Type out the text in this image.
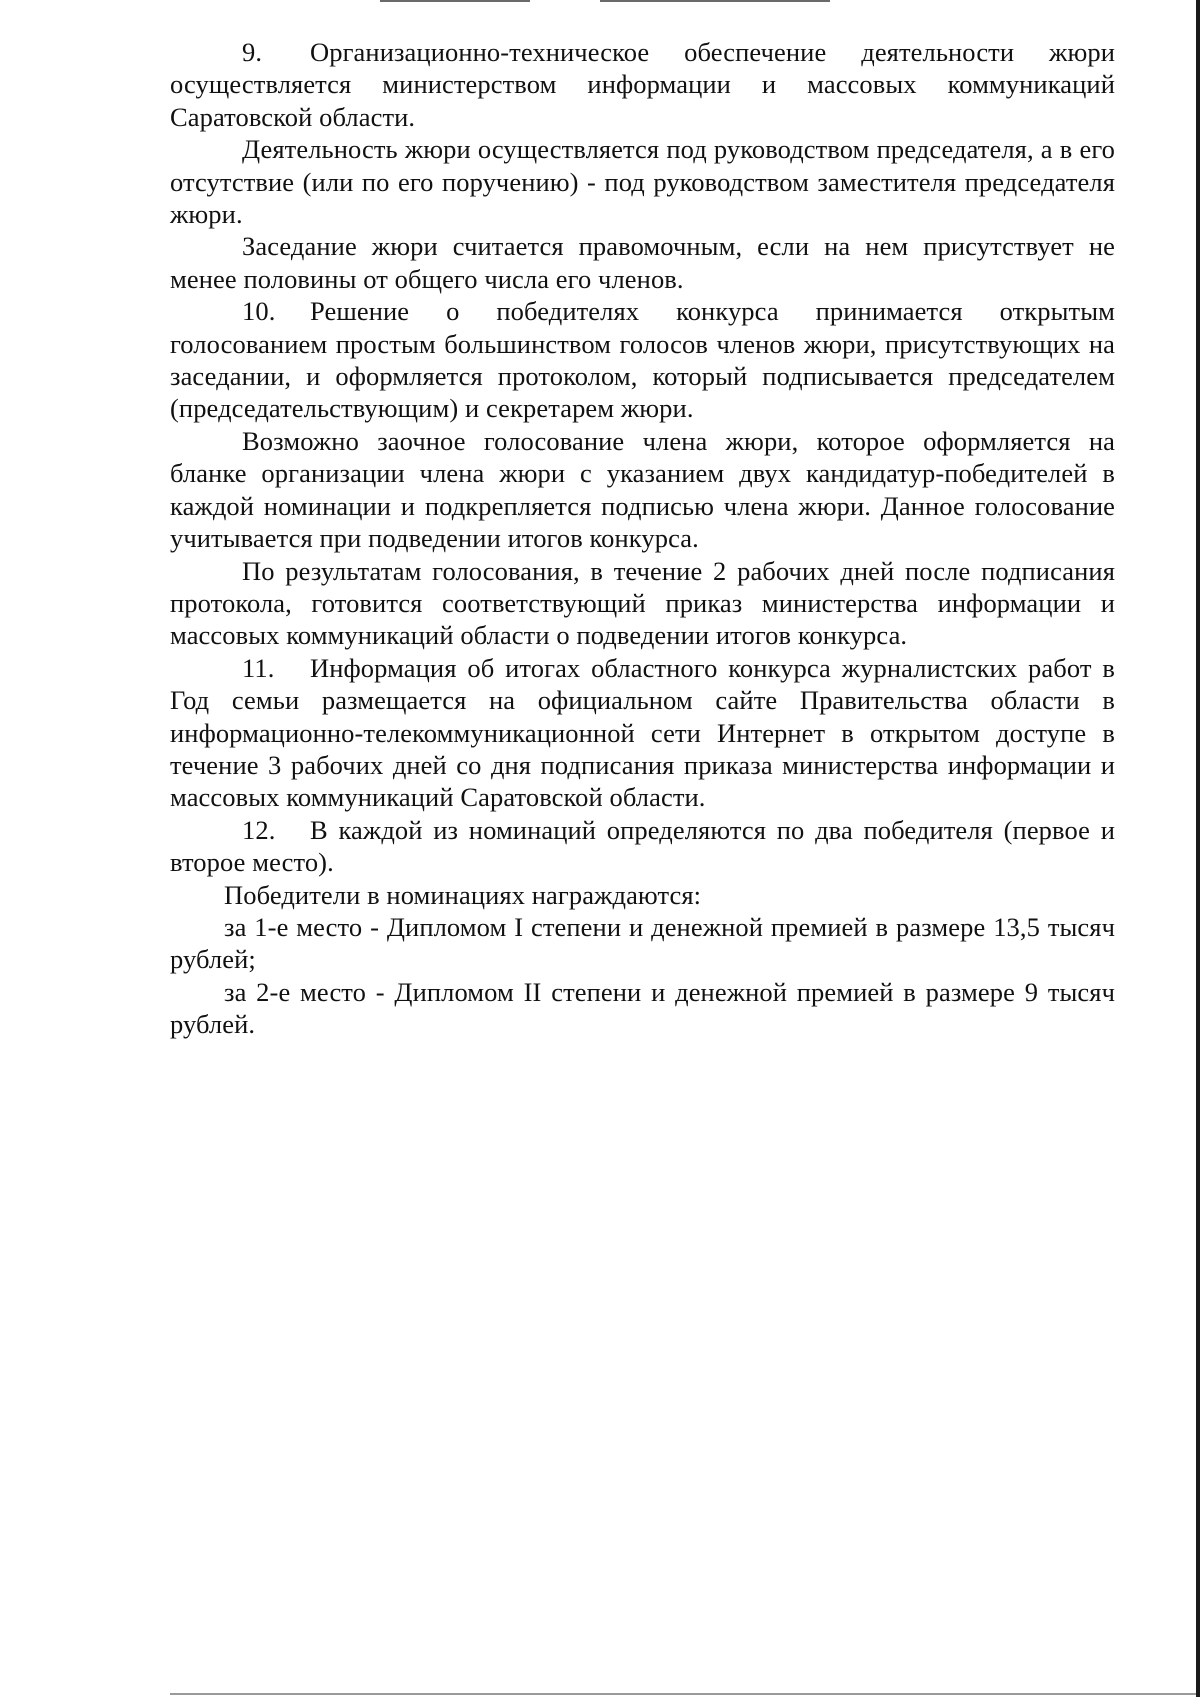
9. Организационно-техническое обеспечение деятельности жюри осуществляется министерством информации и массовых коммуникаций Саратовской области.

Деятельность жюри осуществляется под руководством председателя, а в его отсутствие (или по его поручению) - под руководством заместителя председателя жюри.

Заседание жюри считается правомочным, если на нем присутствует не менее половины от общего числа его членов.

10. Решение о победителях конкурса принимается открытым голосованием простым большинством голосов членов жюри, присутствующих на заседании, и оформляется протоколом, который подписывается председателем (председательствующим) и секретарем жюри.

Возможно заочное голосование члена жюри, которое оформляется на бланке организации члена жюри с указанием двух кандидатур-победителей в каждой номинации и подкрепляется подписью члена жюри. Данное голосование учитывается при подведении итогов конкурса.

По результатам голосования, в течение 2 рабочих дней после подписания протокола, готовится соответствующий приказ министерства информации и массовых коммуникаций области о подведении итогов конкурса.

11. Информация об итогах областного конкурса журналистских работ в Год семьи размещается на официальном сайте Правительства области в информационно-телекоммуникационной сети Интернет в открытом доступе в течение 3 рабочих дней со дня подписания приказа министерства информации и массовых коммуникаций Саратовской области.

12. В каждой из номинаций определяются по два победителя (первое и второе место).

Победители в номинациях награждаются:

за 1-е место - Дипломом I степени и денежной премией в размере 13,5 тысяч рублей;

за 2-е место - Дипломом II степени и денежной премией в размере 9 тысяч рублей.
